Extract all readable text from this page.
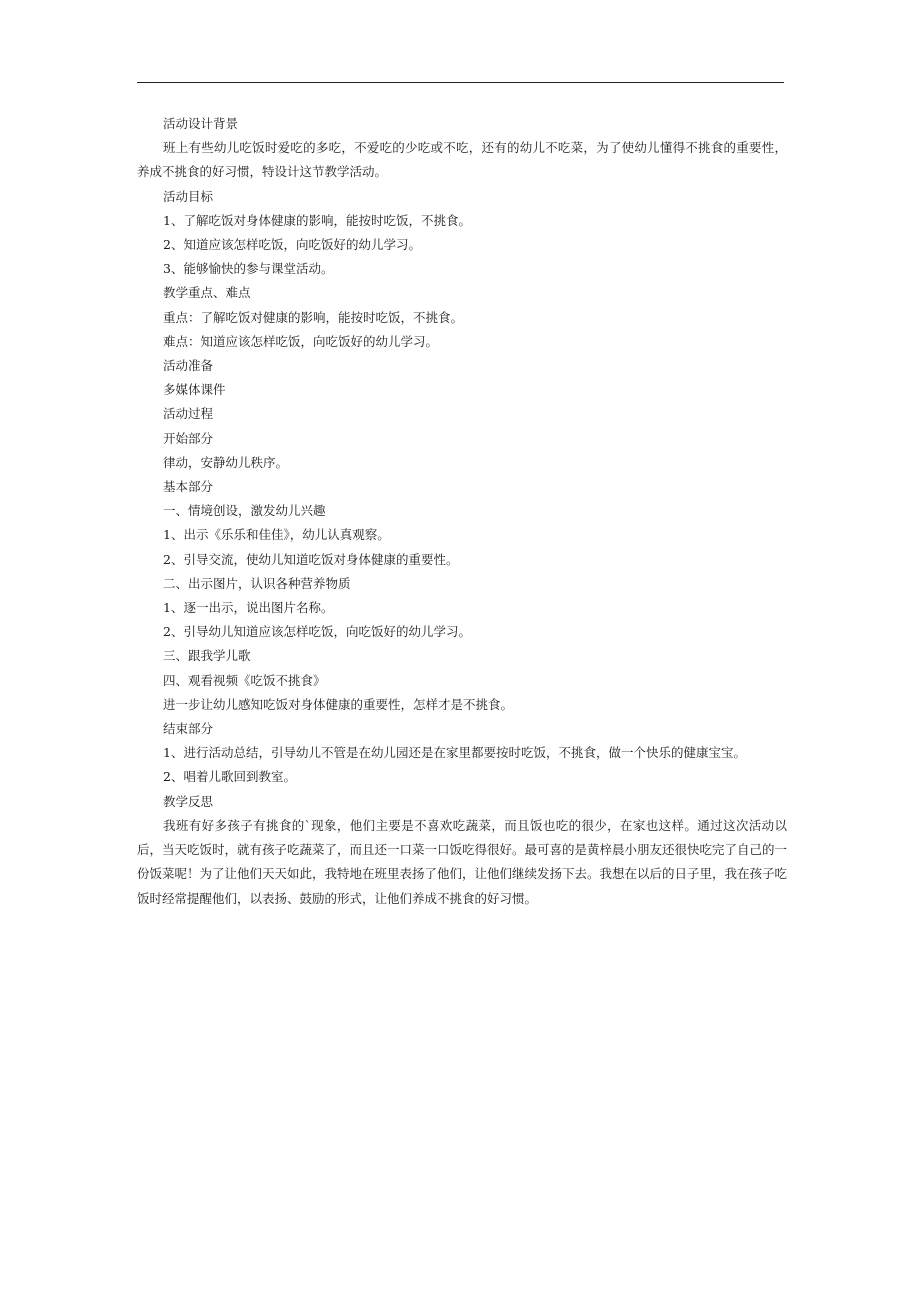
活动设计背景

班上有些幼儿吃饭时爱吃的多吃，不爱吃的少吃或不吃，还有的幼儿不吃菜，为了使幼儿懂得不挑食的重要性，养成不挑食的好习惯，特设计这节教学活动。

活动目标

1、了解吃饭对身体健康的影响，能按时吃饭，不挑食。

2、知道应该怎样吃饭，向吃饭好的幼儿学习。

3、能够愉快的参与课堂活动。

教学重点、难点

重点：了解吃饭对健康的影响，能按时吃饭，不挑食。

难点：知道应该怎样吃饭，向吃饭好的幼儿学习。

活动准备

多媒体课件

活动过程

开始部分

律动，安静幼儿秩序。

基本部分

一、情境创设，激发幼儿兴趣

1、出示《乐乐和佳佳》，幼儿认真观察。

2、引导交流，使幼儿知道吃饭对身体健康的重要性。

二、出示图片，认识各种营养物质

1、逐一出示，说出图片名称。

2、引导幼儿知道应该怎样吃饭，向吃饭好的幼儿学习。

三、跟我学儿歌

四、观看视频《吃饭不挑食》

进一步让幼儿感知吃饭对身体健康的重要性，怎样才是不挑食。

结束部分

1、进行活动总结，引导幼儿不管是在幼儿园还是在家里都要按时吃饭，不挑食，做一个快乐的健康宝宝。

2、唱着儿歌回到教室。

教学反思

我班有好多孩子有挑食的`现象，他们主要是不喜欢吃蔬菜，而且饭也吃的很少，在家也这样。通过这次活动以后，当天吃饭时，就有孩子吃蔬菜了，而且还一口菜一口饭吃得很好。最可喜的是黄梓晨小朋友还很快吃完了自己的一份饭菜呢！为了让他们天天如此，我特地在班里表扬了他们，让他们继续发扬下去。我想在以后的日子里，我在孩子吃饭时经常提醒他们，以表扬、鼓励的形式，让他们养成不挑食的好习惯。
